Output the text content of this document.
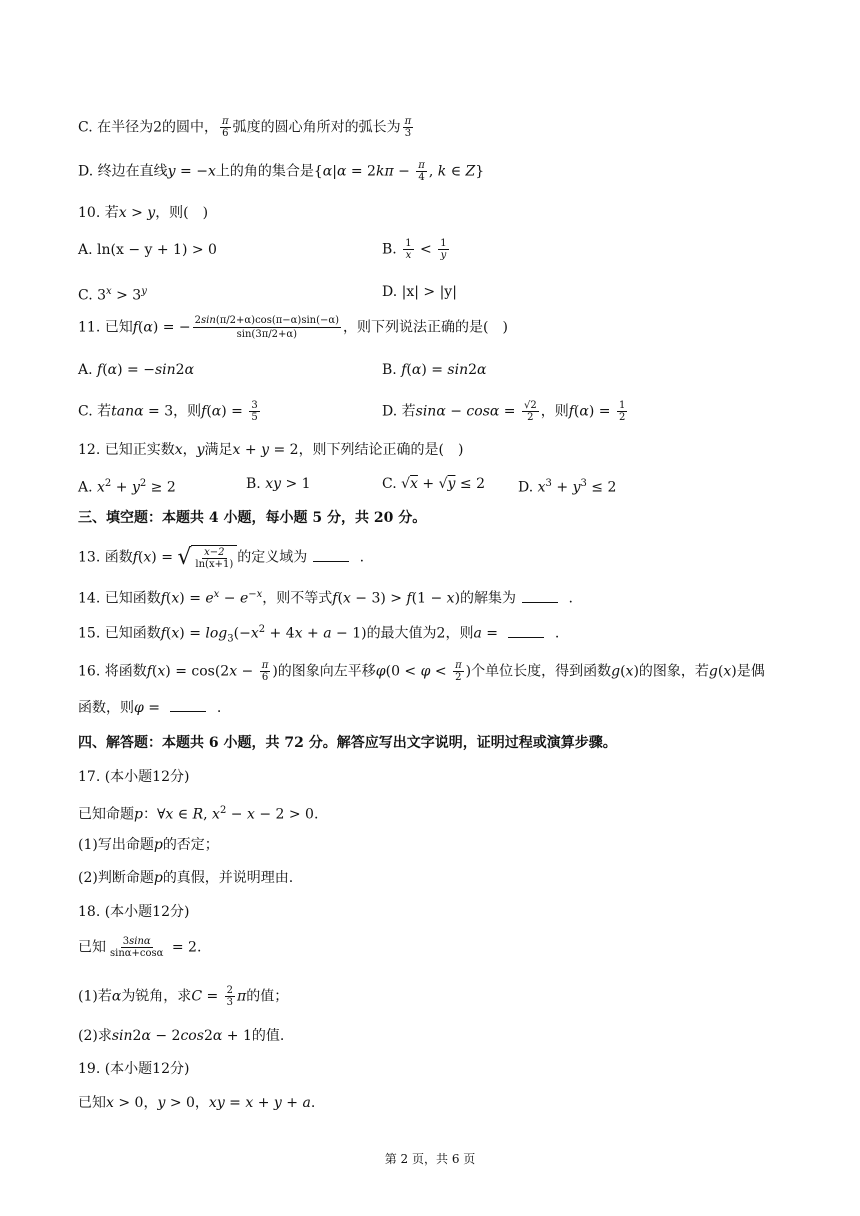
C. 在半径为2的圆中， $\frac{\pi}{6}$ 弧度的圆心角所对的弧长为 $\frac{\pi}{3}$
D. 终边在直线y = −x上的角的集合是{$\alpha|\alpha = 2k\pi - \frac{\pi}{4}$ , k ∈ Z}
10. 若x > y，则(　)
A. ln(x − y + 1) > 0	B. $\frac{1}{x} < \frac{1}{y}$
C. $3^x > 3^y$	D. |x| > |y|
11. 已知f(α) = − $\frac{2\sin(\pi/2+\alpha)\cos(\pi-\alpha)\sin(-\alpha)}{\sin(3\pi/2+\alpha)}$ ，则下列说法正确的是(　)
A. f(α) = −sin2α	B. f(α) = sin2α
C. 若tanα = 3，则$f(\alpha) = \frac{3}{5}$	D. 若$\sin\alpha - \cos\alpha = \frac{√2}{2}$ ，则$f(\alpha) = \frac{1}{2}$
12. 已知正实数x，y满足x + y = 2，则下列结论正确的是(　)
A. $x^2 + y^2 \ge 2$	B. xy > 1	C. √x + √y ≤ 2 D. $x^3 + y^3 \le 2$
三、填空题：本题共 4 小题，每小题 5 分，共 20 分。
13. 函数f(x) = √ $\frac{x-2}{\ln(x+1)}$ 的定义域为	.
14. 已知函数$f(x) = e^x - e^{-x}$，则不等式f(x − 3) > f(1 − x)的解集为	.
15. 已知函数$f(x) = \log_3(-x^2 + 4x + a - 1)$的最大值为2，则a =	.
16. 将函数$f(x) = \cos(2x - \frac{\pi}{6}$ )的图象向左平移$\varphi(0 < \varphi < \frac{\pi}{2}$ )个单位长度，得到函数g(x)的图象，若g(x)是偶
函数，则φ =	.
四、解答题：本题共 6 小题，共 72 分。解答应写出文字说明，证明过程或演算步骤。
17. (本小题12分)
已知命题p：∀x ∈ R, $x^2 - x - 2 > 0$.
(1)写出命题p的否定；
(2)判断命题p的真假，并说明理由.
18. (本小题12分)
已知 $\frac{3\sin\alpha}{\sin\alpha+\cos\alpha} = 2$.
(1)若α为锐角，求$C = \frac{2}{3}$ π的值；
(2)求sin2α − 2cos2α + 1的值.
19. (本小题12分)
已知x > 0，y > 0，xy = x + y + a.
第 2 页，共 6 页
